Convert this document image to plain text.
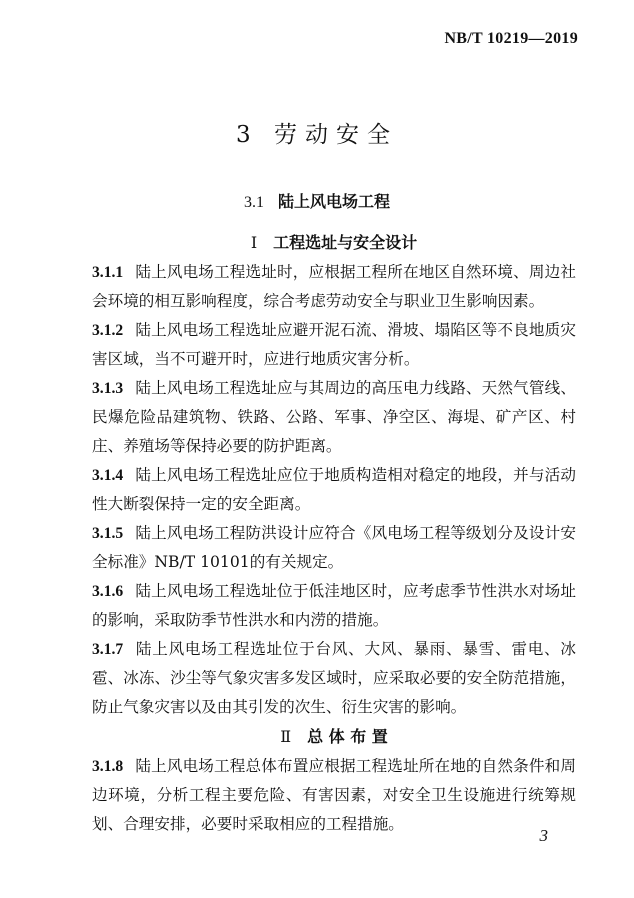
NB/T 10219—2019
3 劳动安全
3.1 陆上风电场工程

Ⅰ 工程选址与安全设计

3.1.1 陆上风电场工程选址时，应根据工程所在地区自然环境、周边社会环境的相互影响程度，综合考虑劳动安全与职业卫生影响因素。

3.1.2 陆上风电场工程选址应避开泥石流、滑坡、塌陷区等不良地质灾害区域，当不可避开时，应进行地质灾害分析。

3.1.3 陆上风电场工程选址应与其周边的高压电力线路、天然气管线、民爆危险品建筑物、铁路、公路、军事、净空区、海堤、矿产区、村庄、养殖场等保持必要的防护距离。

3.1.4 陆上风电场工程选址应位于地质构造相对稳定的地段，并与活动性大断裂保持一定的安全距离。

3.1.5 陆上风电场工程防洪设计应符合《风电场工程等级划分及设计安全标准》NB/T 10101的有关规定。

3.1.6 陆上风电场工程选址位于低洼地区时，应考虑季节性洪水对场址的影响，采取防季节性洪水和内涝的措施。

3.1.7 陆上风电场工程选址位于台风、大风、暴雨、暴雪、雷电、冰雹、冰冻、沙尘等气象灾害多发区域时，应采取必要的安全防范措施，防止气象灾害以及由其引发的次生、衍生灾害的影响。

Ⅱ 总 体 布 置

3.1.8 陆上风电场工程总体布置应根据工程选址所在地的自然条件和周边环境，分析工程主要危险、有害因素，对安全卫生设施进行统筹规划、合理安排，必要时采取相应的工程措施。

3
